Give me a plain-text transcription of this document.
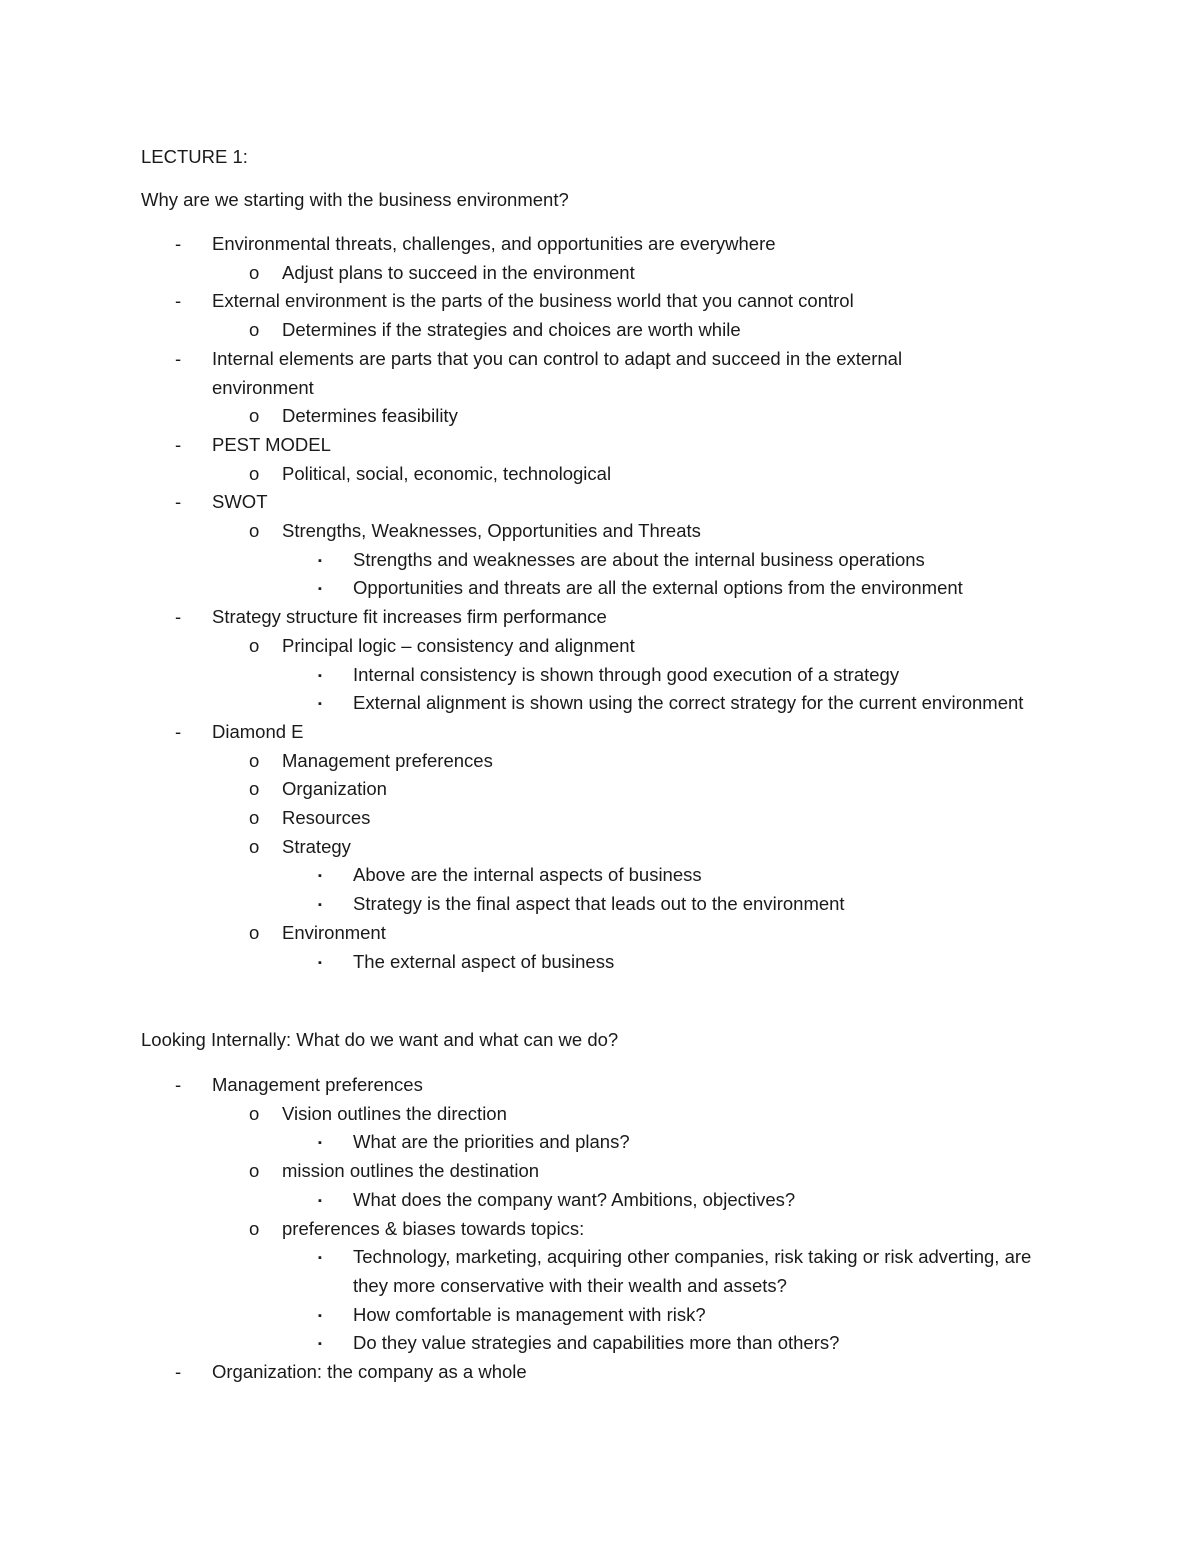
LECTURE 1:
Why are we starting with the business environment?
- Environmental threats, challenges, and opportunities are everywhere
o Adjust plans to succeed in the environment
- External environment is the parts of the business world that you cannot control
o Determines if the strategies and choices are worth while
- Internal elements are parts that you can control to adapt and succeed in the external environment
o Determines feasibility
- PEST MODEL
o Political, social, economic, technological
- SWOT
o Strengths, Weaknesses, Opportunities and Threats
▪ Strengths and weaknesses are about the internal business operations
▪ Opportunities and threats are all the external options from the environment
- Strategy structure fit increases firm performance
o Principal logic – consistency and alignment
▪ Internal consistency is shown through good execution of a strategy
▪ External alignment is shown using the correct strategy for the current environment
- Diamond E
o Management preferences
o Organization
o Resources
o Strategy
▪ Above are the internal aspects of business
▪ Strategy is the final aspect that leads out to the environment
o Environment
▪ The external aspect of business
Looking Internally: What do we want and what can we do?
- Management preferences
o Vision outlines the direction
▪ What are the priorities and plans?
o mission outlines the destination
▪ What does the company want? Ambitions, objectives?
o preferences & biases towards topics:
▪ Technology, marketing, acquiring other companies, risk taking or risk adverting, are they more conservative with their wealth and assets?
▪ How comfortable is management with risk?
▪ Do they value strategies and capabilities more than others?
- Organization: the company as a whole
